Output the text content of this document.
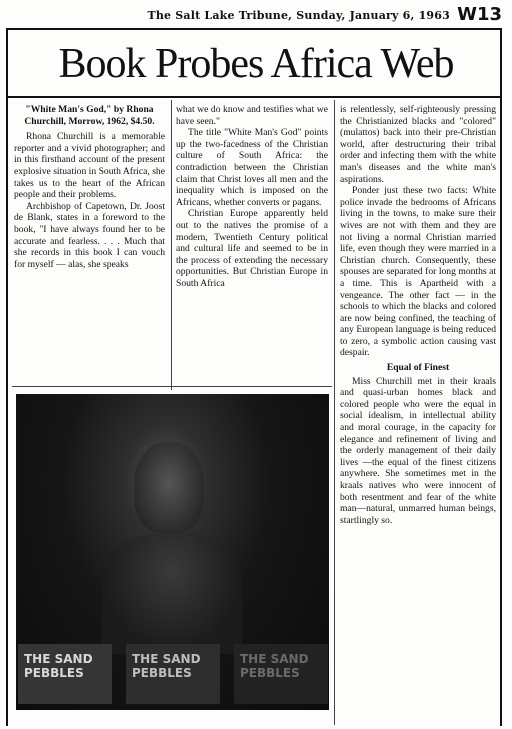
The Salt Lake Tribune, Sunday, January 6, 1963 W13
Book Probes Africa Web

"White Man's God," by Rhona Churchill, Morrow, 1962, $4.50.

Rhona Churchill is a memorable reporter and a vivid photographer; and in this firsthand account of the present explosive situation in South Africa, she takes us to the heart of the African people and their problems.

Archbishop of Capetown, Dr. Joost de Blank, states in a foreword to the book, "I have always found her to be accurate and fearless. . . . Much that she records in this book I can vouch for myself — alas, she speaks

what we do know and testifies what we have seen."

The title "White Man's God" points up the two-facedness of the Christian culture of South Africa: the contradiction between the Christian claim that Christ loves all men and the inequality which is imposed on the Africans, whether converts or pagans.

Christian Europe apparently held out to the natives the promise of a modern, Twentieth Century political and cultural life and seemed to be in the process of extending the necessary opportunities. But Christian Europe in South Africa

is relentlessly, self-righteously pressing the Christianized blacks and "colored" (mulattos) back into their pre-Christian world, after destructuring their tribal order and infecting them with the white man's diseases and the white man's aspirations.

Ponder just these two facts: White police invade the bedrooms of Africans living in the towns, to make sure their wives are not with them and they are not living a normal Christian married life, even though they were married in a Christian church. Consequently, these spouses are separated for long months at a time. This is Apartheid with a vengeance. The other fact — in the schools to which the blacks and colored are now being confined, the teaching of any European language is being reduced to zero, a symbolic action causing vast despair.

Equal of Finest

Miss Churchill met in their kraals and quasi-urban homes black and colored people who were the equal in social idealism, in intellectual ability and moral courage, in the capacity for elegance and refinement of living and the orderly management of their daily lives —the equal of the finest citizens anywhere. She sometimes met in the kraals natives who were innocent of both resentment and fear of the white man—natural, unmarred human beings, startlingly so.

THE SAND
PEBBLES
THE SAND
PEBBLES
THE SAND
PEBBLES
